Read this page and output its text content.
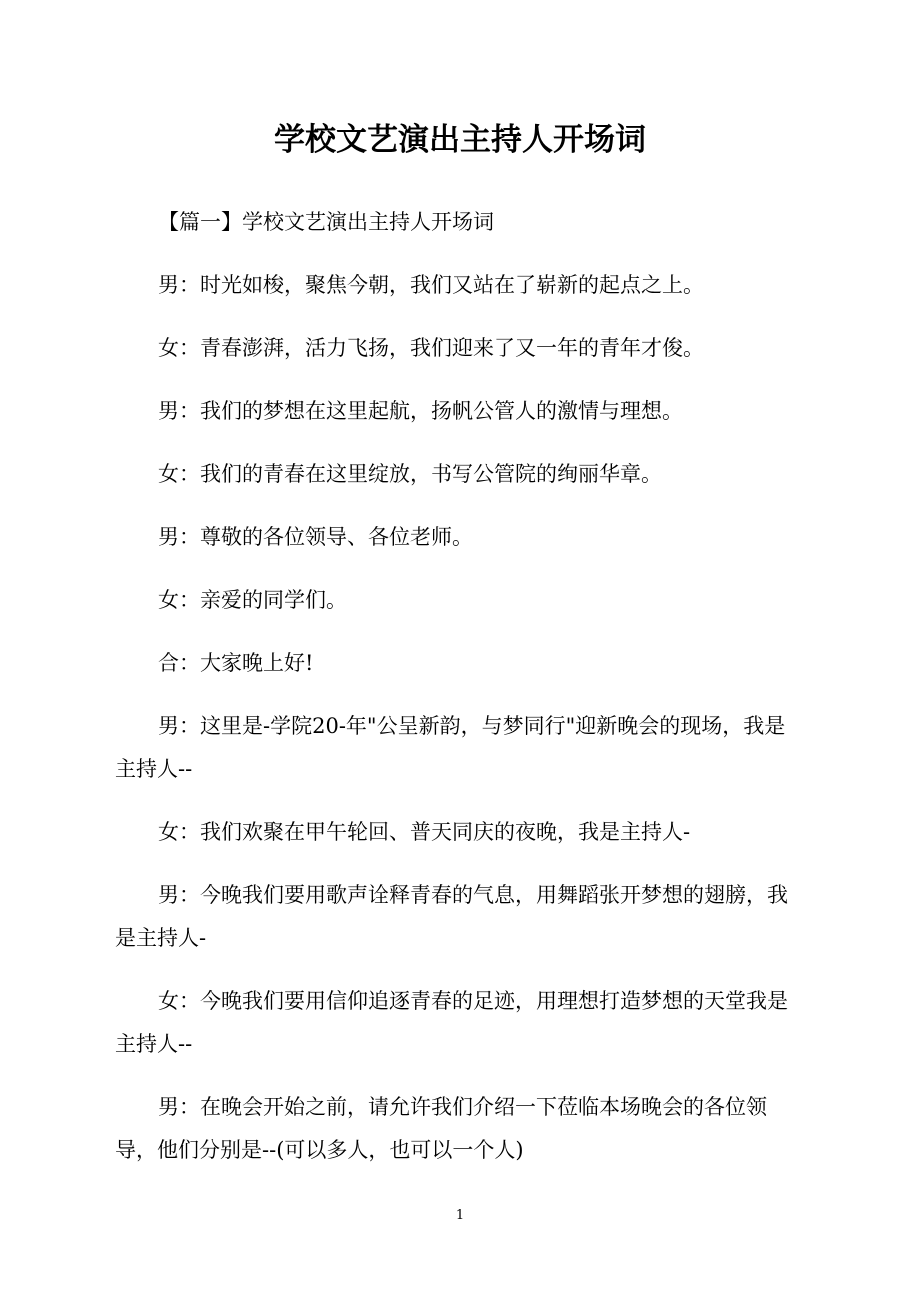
学校文艺演出主持人开场词

【篇一】学校文艺演出主持人开场词

男：时光如梭，聚焦今朝，我们又站在了崭新的起点之上。

女：青春澎湃，活力飞扬，我们迎来了又一年的青年才俊。

男：我们的梦想在这里起航，扬帆公管人的激情与理想。

女：我们的青春在这里绽放，书写公管院的绚丽华章。

男：尊敬的各位领导、各位老师。

女：亲爱的同学们。

合：大家晚上好!

男：这里是-学院20-年"公呈新韵，与梦同行"迎新晚会的现场，我是主持人--

女：我们欢聚在甲午轮回、普天同庆的夜晚，我是主持人-

男：今晚我们要用歌声诠释青春的气息，用舞蹈张开梦想的翅膀，我是主持人-

女：今晚我们要用信仰追逐青春的足迹，用理想打造梦想的天堂我是主持人--

男：在晚会开始之前，请允许我们介绍一下莅临本场晚会的各位领导，他们分别是--(可以多人，也可以一个人)

1
